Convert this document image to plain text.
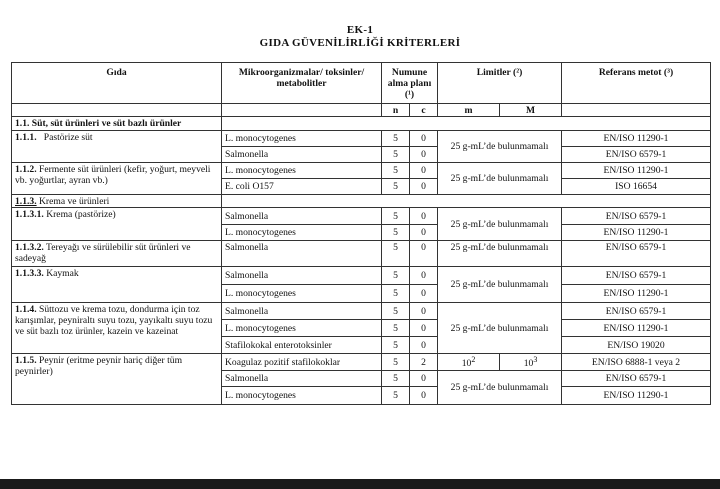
EK-1
GIDA GÜVENİLİRLİĞİ KRİTERLERİ
Gıda	Mikroorganizmalar/ toksinler/ metabolitler	Numune alma planı (¹)		Limitler (²)		Referans metot (³)
		n	c	m	M	
1.1. Süt, süt ürünleri ve süt bazlı ürünler						
1.1.1. Pastörize süt	L. monocytogenes	5	0	25 g-mL’de bulunmamalı		EN/ISO 11290-1
	Salmonella	5	0			EN/ISO 6579-1
1.1.2. Fermente süt ürünleri (kefir, yoğurt, meyveli vb. yoğurtlar, ayran vb.)	L. monocytogenes	5	0	25 g-mL’de bulunmamalı		EN/ISO 11290-1
	E. coli O157	5	0			ISO 16654
1.1.3. Krema ve ürünleri						
1.1.3.1. Krema (pastörize)	Salmonella	5	0	25 g-mL’de bulunmamalı		EN/ISO 6579-1
	L. monocytogenes	5	0			EN/ISO 11290-1
1.1.3.2. Tereyağı ve sürülebilir süt ürünleri ve sadeyağ	Salmonella	5	0	25 g-mL’de bulunmamalı		EN/ISO 6579-1
1.1.3.3. Kaymak	Salmonella	5	0	25 g-mL’de bulunmamalı		EN/ISO 6579-1
	L. monocytogenes	5	0			EN/ISO 11290-1
1.1.4. Süttozu ve krema tozu, dondurma için toz karışımlar, peyniraltı suyu tozu, yayıkaltı suyu tozu ve süt bazlı toz ürünler, kazein ve kazeinat	Salmonella	5	0	25 g-mL’de bulunmamalı		EN/ISO 6579-1
	L. monocytogenes	5	0			EN/ISO 11290-1
	Stafilokokal enterotoksinler	5	0			EN/ISO 19020
1.1.5. Peynir (eritme peynir hariç diğer tüm peynirler)	Koagulaz pozitif stafilokoklar	5	2	$10^2$	$10^3$	EN/ISO 6888-1 veya 2
	Salmonella	5	0	25 g-mL’de bulunmamalı		EN/ISO 6579-1
	L. monocytogenes	5	0			EN/ISO 11290-1
